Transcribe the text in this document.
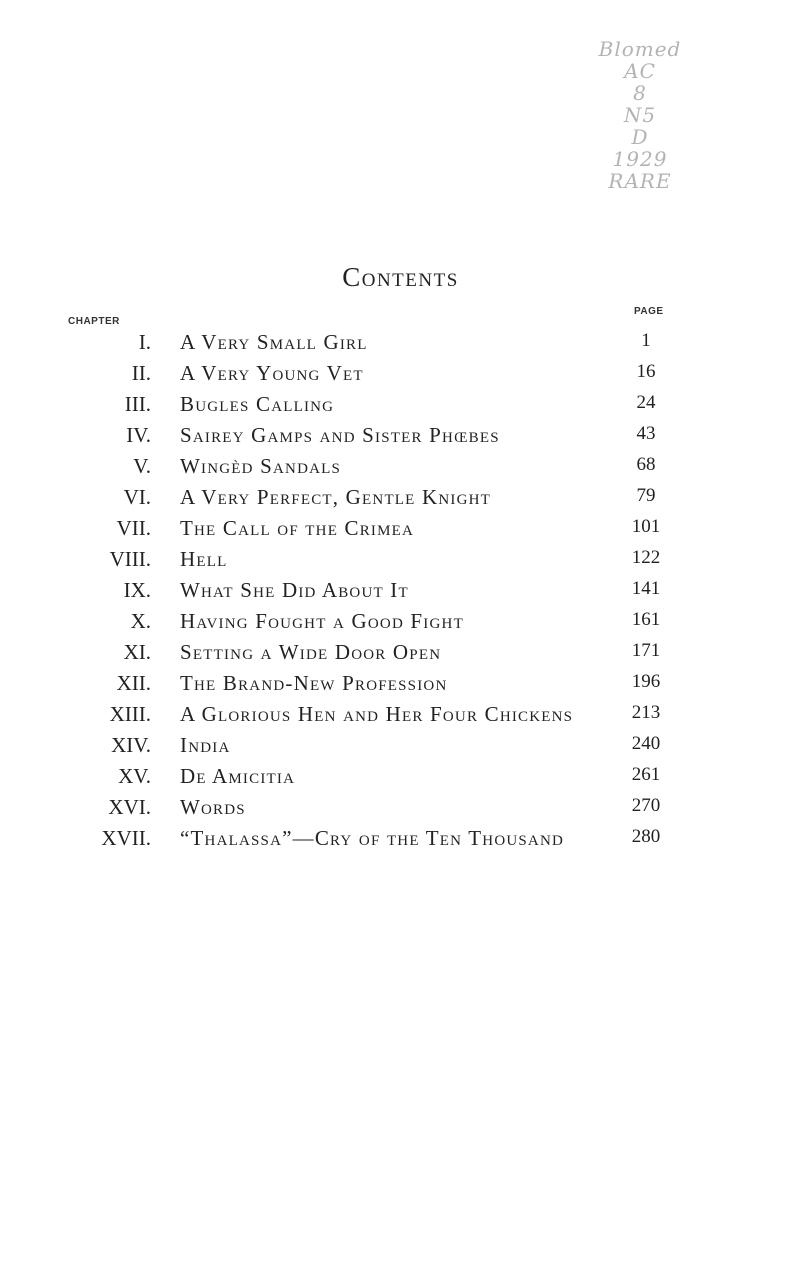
Blomed
AC
8
N5
D
1929
RARE
Contents
CHAPTER
PAGE
I. A Very Small Girl	1
II. A Very Young Vet	16
III. Bugles Calling	24
IV. Sairey Gamps and Sister Phœbes	43
V. Wingèd Sandals	68
VI. A Very Perfect, Gentle Knight	79
VII. The Call of the Crimea	101
VIII. Hell	122
IX. What She Did About It	141
X. Having Fought a Good Fight	161
XI. Setting a Wide Door Open	171
XII. The Brand-New Profession	196
XIII. A Glorious Hen and Her Four Chickens	213
XIV. India	240
XV. De Amicitia	261
XVI. Words	270
XVII. “Thalassa”—Cry of the Ten Thousand	280
